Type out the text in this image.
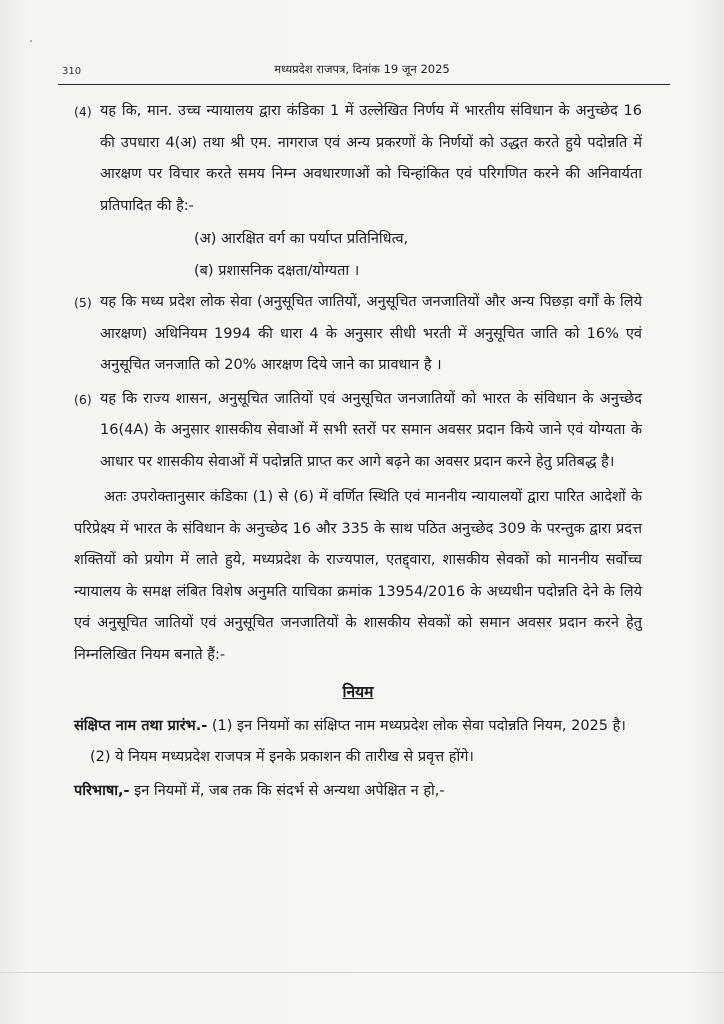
310	मध्यप्रदेश राजपत्र, दिनांक 19 जून 2025
(4) यह कि, मान. उच्च न्यायालय द्वारा कंडिका 1 में उल्लेखित निर्णय में भारतीय संविधान के अनुच्छेद 16 की उपधारा 4(अ) तथा श्री एम. नागराज एवं अन्य प्रकरणों के निर्णयों को उद्धत करते हुये पदोन्नति में आरक्षण पर विचार करते समय निम्न अवधारणाओं को चिन्हांकित एवं परिगणित करने की अनिवार्यता प्रतिपादित की है:-
(अ) आरक्षित वर्ग का पर्याप्त प्रतिनिधित्व,
(ब) प्रशासनिक दक्षता/योग्यता ।
(5) यह कि मध्य प्रदेश लोक सेवा (अनुसूचित जातियों, अनुसूचित जनजातियों और अन्य पिछड़ा वर्गों के लिये आरक्षण) अधिनियम 1994 की धारा 4 के अनुसार सीधी भरती में अनुसूचित जाति को 16% एवं अनुसूचित जनजाति को 20% आरक्षण दिये जाने का प्रावधान है ।
(6) यह कि राज्य शासन, अनुसूचित जातियों एवं अनुसूचित जनजातियों को भारत के संविधान के अनुच्छेद 16(4A) के अनुसार शासकीय सेवाओं में सभी स्तरों पर समान अवसर प्रदान किये जाने एवं योग्यता के आधार पर शासकीय सेवाओं में पदोन्नति प्राप्त कर आगे बढ़ने का अवसर प्रदान करने हेतु प्रतिबद्ध है।

अतः उपरोक्तानुसार कंडिका (1) से (6) में वर्णित स्थिति एवं माननीय न्यायालयों द्वारा पारित आदेशों के परिप्रेक्ष्य में भारत के संविधान के अनुच्छेद 16 और 335 के साथ पठित अनुच्छेद 309 के परन्तुक द्वारा प्रदत्त शक्तियों को प्रयोग में लाते हुये, मध्यप्रदेश के राज्यपाल, एतद्द्वारा, शासकीय सेवकों को माननीय सर्वोच्च न्यायालय के समक्ष लंबित विशेष अनुमति याचिका क्रमांक 13954/2016 के अध्यधीन पदोन्नति देने के लिये एवं अनुसूचित जातियों एवं अनुसूचित जनजातियों के शासकीय सेवकों को समान अवसर प्रदान करने हेतु निम्नलिखित नियम बनाते हैं:-

नियम

संक्षिप्त नाम तथा प्रारंभ.- (1) इन नियमों का संक्षिप्त नाम मध्यप्रदेश लोक सेवा पदोन्नति नियम, 2025 है।

(2) ये नियम मध्यप्रदेश राजपत्र में इनके प्रकाशन की तारीख से प्रवृत्त होंगे।

परिभाषा,- इन नियमों में, जब तक कि संदर्भ से अन्यथा अपेक्षित न हो,-
